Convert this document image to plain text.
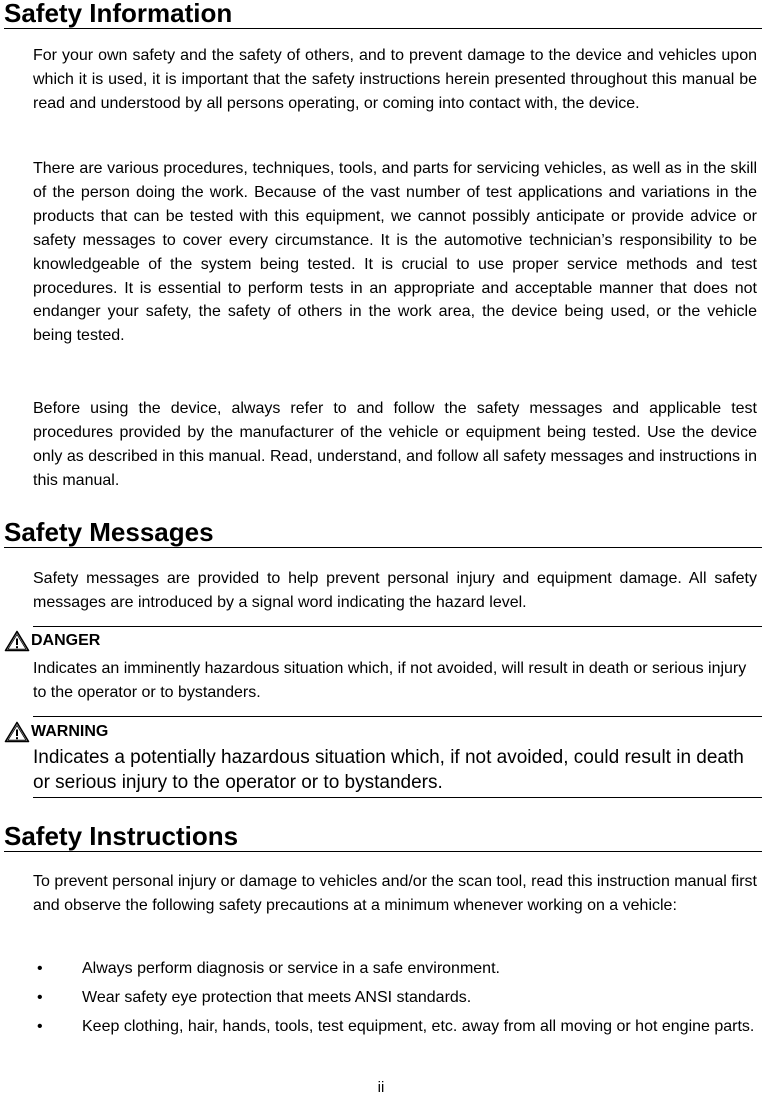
Safety Information
For your own safety and the safety of others, and to prevent damage to the device and vehicles upon which it is used, it is important that the safety instructions herein presented throughout this manual be read and understood by all persons operating, or coming into contact with, the device.
There are various procedures, techniques, tools, and parts for servicing vehicles, as well as in the skill of the person doing the work. Because of the vast number of test applications and variations in the products that can be tested with this equipment, we cannot possibly anticipate or provide advice or safety messages to cover every circumstance. It is the automotive technician’s responsibility to be knowledgeable of the system being tested. It is crucial to use proper service methods and test procedures. It is essential to perform tests in an appropriate and acceptable manner that does not endanger your safety, the safety of others in the work area, the device being used, or the vehicle being tested.
Before using the device, always refer to and follow the safety messages and applicable test procedures provided by the manufacturer of the vehicle or equipment being tested. Use the device only as described in this manual. Read, understand, and follow all safety messages and instructions in this manual.
Safety Messages
Safety messages are provided to help prevent personal injury and equipment damage. All safety messages are introduced by a signal word indicating the hazard level.
DANGER
Indicates an imminently hazardous situation which, if not avoided, will result in death or serious injury to the operator or to bystanders.
WARNING
Indicates a potentially hazardous situation which, if not avoided, could result in death or serious injury to the operator or to bystanders.
Safety Instructions
To prevent personal injury or damage to vehicles and/or the scan tool, read this instruction manual first and observe the following safety precautions at a minimum whenever working on a vehicle:
• Always perform diagnosis or service in a safe environment.
• Wear safety eye protection that meets ANSI standards.
• Keep clothing, hair, hands, tools, test equipment, etc. away from all moving or hot engine parts.
ii
